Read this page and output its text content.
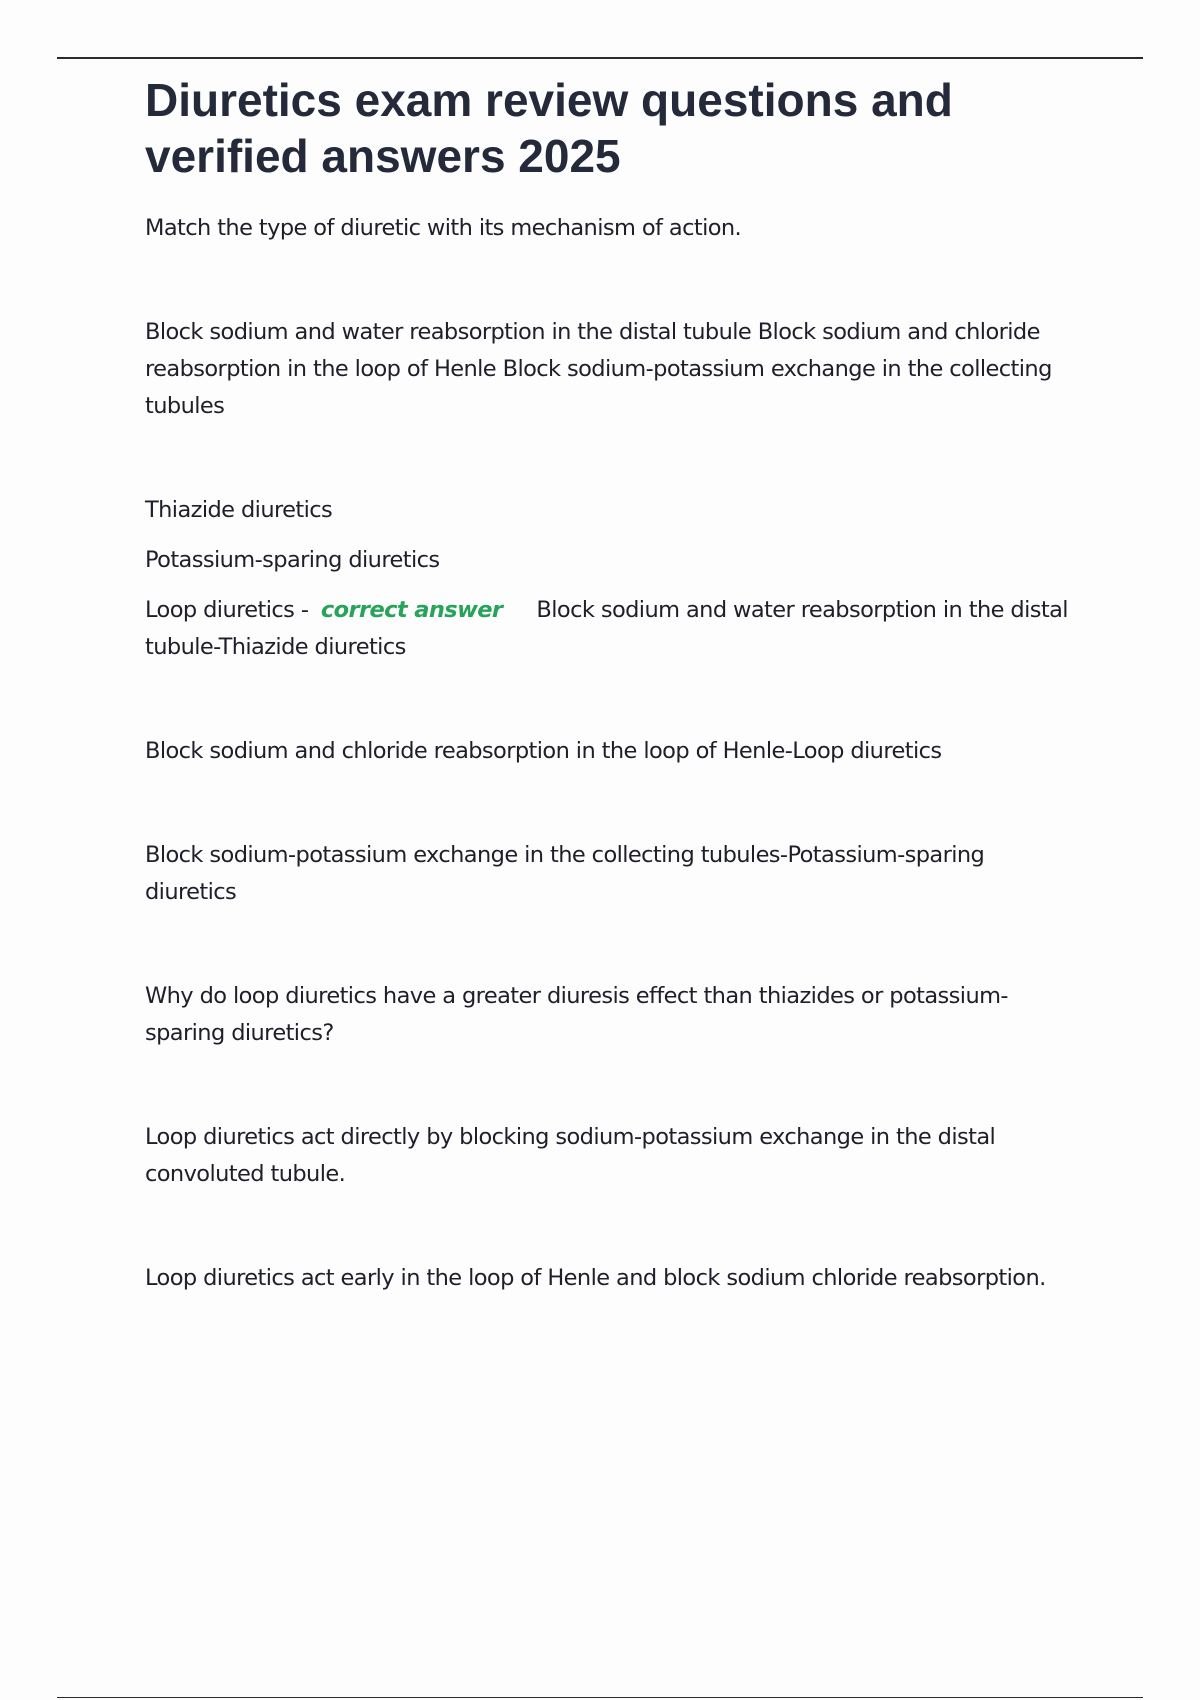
Diuretics exam review questions and verified answers 2025

Match the type of diuretic with its mechanism of action.

Block sodium and water reabsorption in the distal tubule Block sodium and chloride reabsorption in the loop of Henle Block sodium-potassium exchange in the collecting tubules

Thiazide diuretics

Potassium-sparing diuretics

Loop diuretics - correct answer Block sodium and water reabsorption in the distal tubule-Thiazide diuretics

Block sodium and chloride reabsorption in the loop of Henle-Loop diuretics

Block sodium-potassium exchange in the collecting tubules-Potassium-sparing diuretics

Why do loop diuretics have a greater diuresis effect than thiazides or potassium-sparing diuretics?

Loop diuretics act directly by blocking sodium-potassium exchange in the distal convoluted tubule.

Loop diuretics act early in the loop of Henle and block sodium chloride reabsorption.
